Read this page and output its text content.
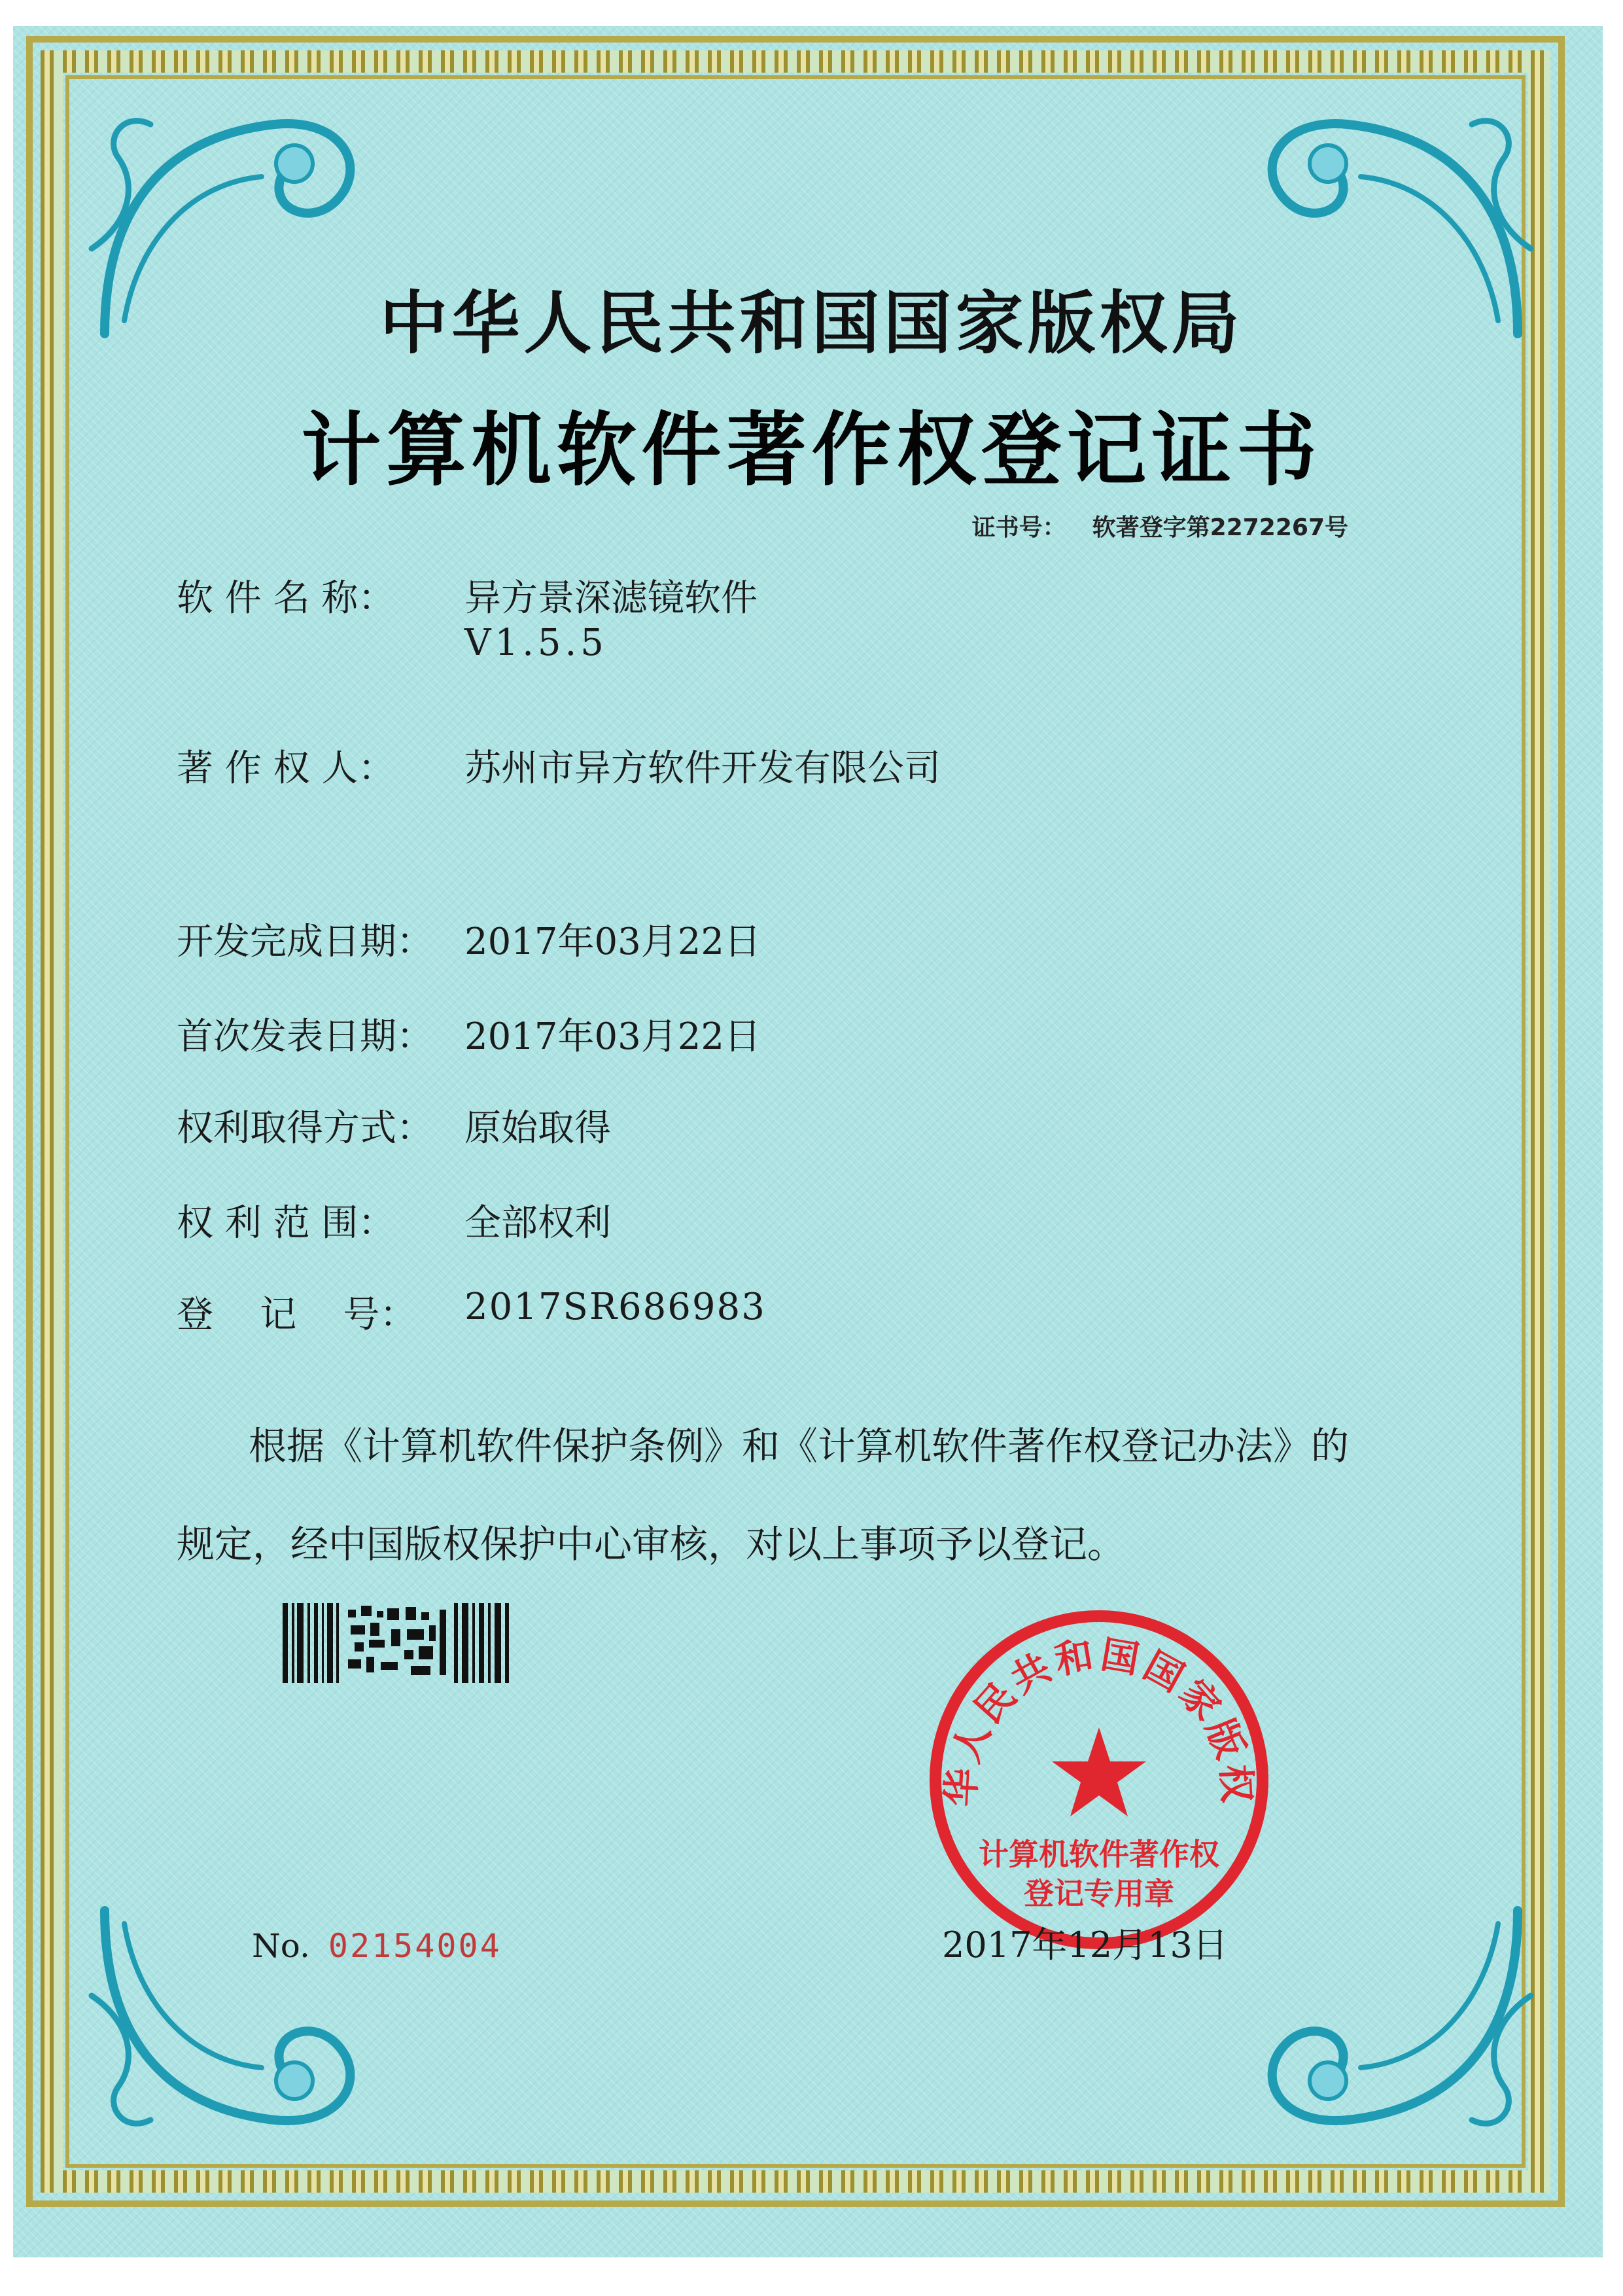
中华人民共和国国家版权局
计算机软件著作权登记证书
证书号： 软著登字第2272267号
软 件 名 称： 异方景深滤镜软件
V1.5.5
著 作 权 人： 苏州市异方软件开发有限公司
开发完成日期： 2017年03月22日
首次发表日期： 2017年03月22日
权利取得方式： 原始取得
权 利 范 围： 全部权利
登    记    号： 2017SR686983
根据《计算机软件保护条例》和《计算机软件著作权登记办法》的
规定，经中国版权保护中心审核，对以上事项予以登记。
华人民共和国国家版权
计算机软件著作权
登记专用章
No. 02154004	2017年12月13日
